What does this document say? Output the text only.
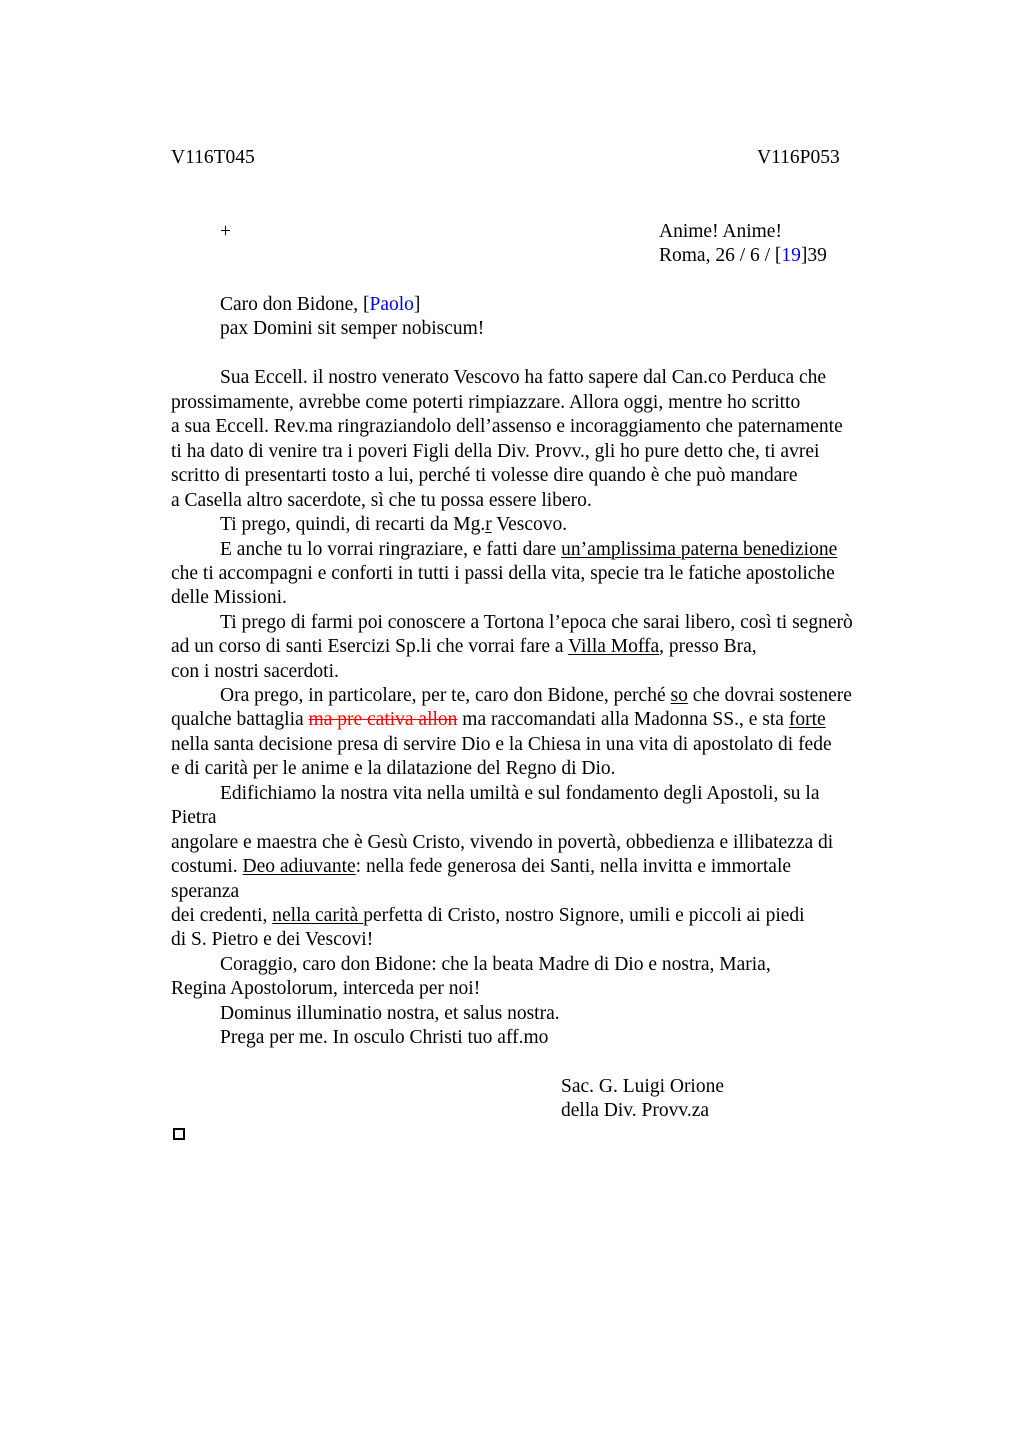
V116T045	V116P053
+	Anime! Anime!
Roma, 26 / 6 / [19]39
Caro don Bidone, [Paolo]
pax Domini sit semper nobiscum!
Sua Eccell. il nostro venerato Vescovo ha fatto sapere dal Can.co Perduca che
prossimamente, avrebbe come poterti rimpiazzare. Allora oggi, mentre ho scritto
a sua Eccell. Rev.ma ringraziandolo dell’assenso e incoraggiamento che paternamente
ti ha dato di venire tra i poveri Figli della Div. Provv., gli ho pure detto che, ti avrei
scritto di presentarti tosto a lui, perché ti volesse dire quando è che può mandare
a Casella altro sacerdote, sì che tu possa essere libero.
Ti prego, quindi, di recarti da Mg.r Vescovo.
E anche tu lo vorrai ringraziare, e fatti dare un’amplissima paterna benedizione
che ti accompagni e conforti in tutti i passi della vita, specie tra le fatiche apostoliche
delle Missioni.
Ti prego di farmi poi conoscere a Tortona l’epoca che sarai libero, così ti segnerò
ad un corso di santi Esercizi Sp.li che vorrai fare a Villa Moffa, presso Bra,
con i nostri sacerdoti.
Ora prego, in particolare, per te, caro don Bidone, perché so che dovrai sostenere
qualche battaglia ma pre cativa allon ma raccomandati alla Madonna SS., e sta forte
nella santa decisione presa di servire Dio e la Chiesa in una vita di apostolato di fede
e di carità per le anime e la dilatazione del Regno di Dio.
Edifichiamo la nostra vita nella umiltà e sul fondamento degli Apostoli, su la
Pietra
angolare e maestra che è Gesù Cristo, vivendo in povertà, obbedienza e illibatezza di
costumi. Deo adiuvante: nella fede generosa dei Santi, nella invitta e immortale
speranza
dei credenti, nella carità perfetta di Cristo, nostro Signore, umili e piccoli ai piedi
di S. Pietro e dei Vescovi!
Coraggio, caro don Bidone: che la beata Madre di Dio e nostra, Maria,
Regina Apostolorum, interceda per noi!
Dominus illuminatio nostra, et salus nostra.
Prega per me. In osculo Christi tuo aff.mo
Sac. G. Luigi Orione
della Div. Provv.za
